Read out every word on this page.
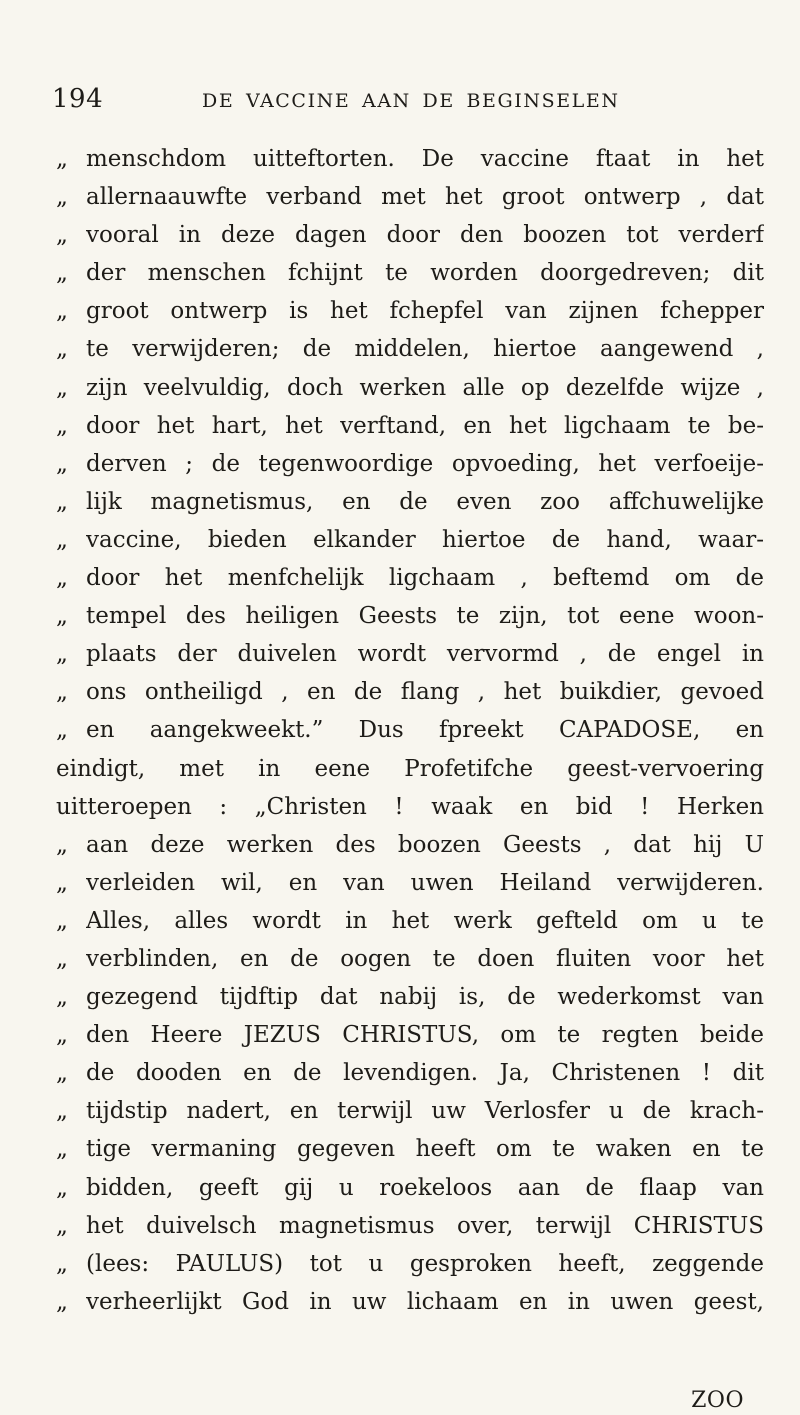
194	DE VACCINE AAN DE BEGINSELEN
„ menschdom uitteftorten. De vaccine ftaat in het
„ allernaauwfte verband met het groot ontwerp , dat
„ vooral in deze dagen door den boozen tot verderf
„ der menschen fchijnt te worden doorgedreven; dit
„ groot ontwerp is het fchepfel van zijnen fchepper
„ te verwijderen; de middelen, hiertoe aangewend ,
„ zijn veelvuldig, doch werken alle op dezelfde wijze ,
„ door het hart, het verftand, en het ligchaam te be-
„ derven ; de tegenwoordige opvoeding, het verfoeije-
„ lijk magnetismus, en de even zoo affchuwelijke
„ vaccine, bieden elkander hiertoe de hand, waar-
„ door het menfchelijk ligchaam , beftemd om de
„ tempel des heiligen Geests te zijn, tot eene woon-
„ plaats der duivelen wordt vervormd , de engel in
„ ons ontheiligd , en de flang , het buikdier, gevoed
„ en aangekweekt.” Dus fpreekt CAPADOSE, en
eindigt, met in eene Profetifche geest-vervoering
uitteroepen : „Christen ! waak en bid ! Herken
„ aan deze werken des boozen Geests , dat hij U
„ verleiden wil, en van uwen Heiland verwijderen.
„ Alles, alles wordt in het werk gefteld om u te
„ verblinden, en de oogen te doen fluiten voor het
„ gezegend tijdftip dat nabij is, de wederkomst van
„ den Heere JEZUS CHRISTUS, om te regten beide
„ de dooden en de levendigen. Ja, Christenen ! dit
„ tijdstip nadert, en terwijl uw Verlosfer u de krach-
„ tige vermaning gegeven heeft om te waken en te
„ bidden, geeft gij u roekeloos aan de flaap van
„ het duivelsch magnetismus over, terwijl CHRISTUS
„ (lees: PAULUS) tot u gesproken heeft, zeggende
„ verheerlijkt God in uw lichaam en in uwen geest,
ZOO
